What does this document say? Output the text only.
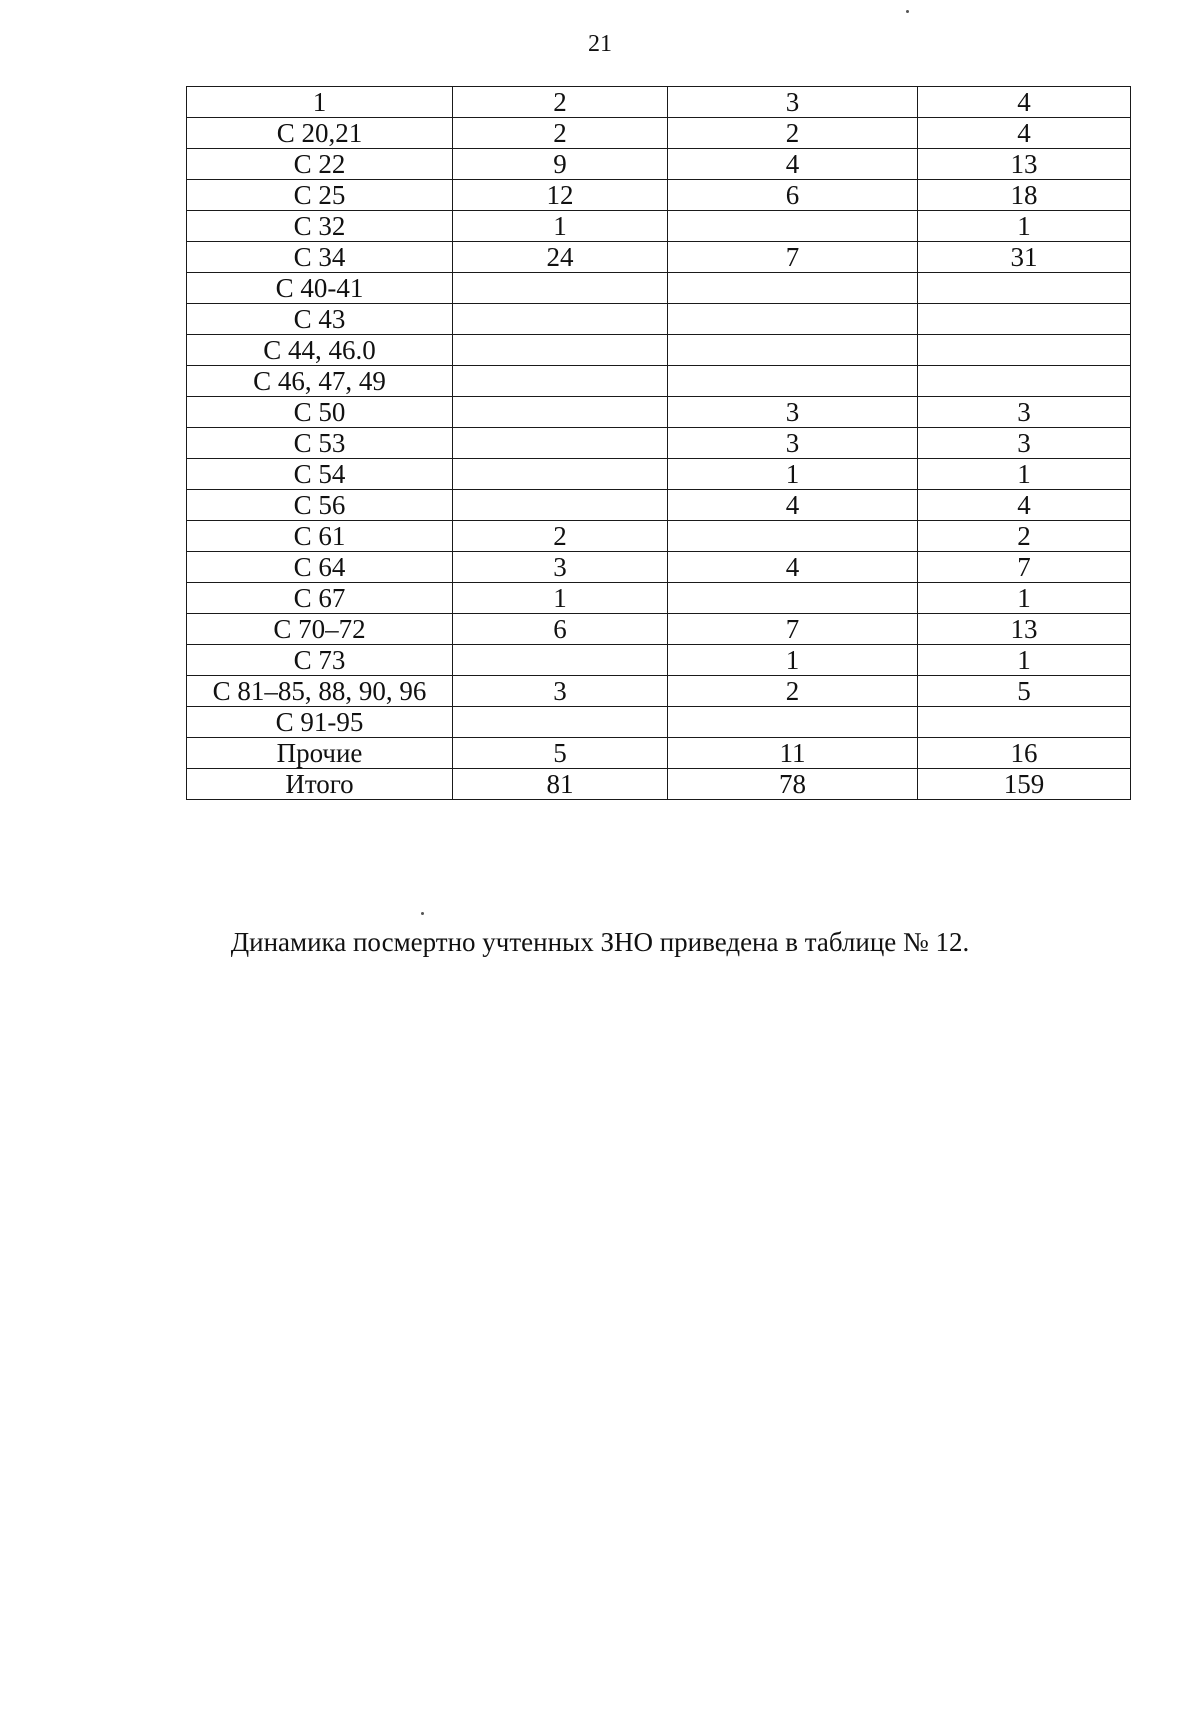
21
1	2	3	4
С 20,21	2	2	4
С 22	9	4	13
С 25	12	6	18
С 32	1		1
С 34	24	7	31
С 40-41			
С 43			
С 44, 46.0			
С 46, 47, 49			
С 50		3	3
С 53		3	3
С 54		1	1
С 56		4	4
С 61	2		2
С 64	3	4	7
С 67	1		1
С 70–72	6	7	13
С 73		1	1
С 81–85, 88, 90, 96	3	2	5
С 91-95			
Прочие	5	11	16
Итого	81	78	159
Динамика посмертно учтенных ЗНО приведена в таблице № 12.
